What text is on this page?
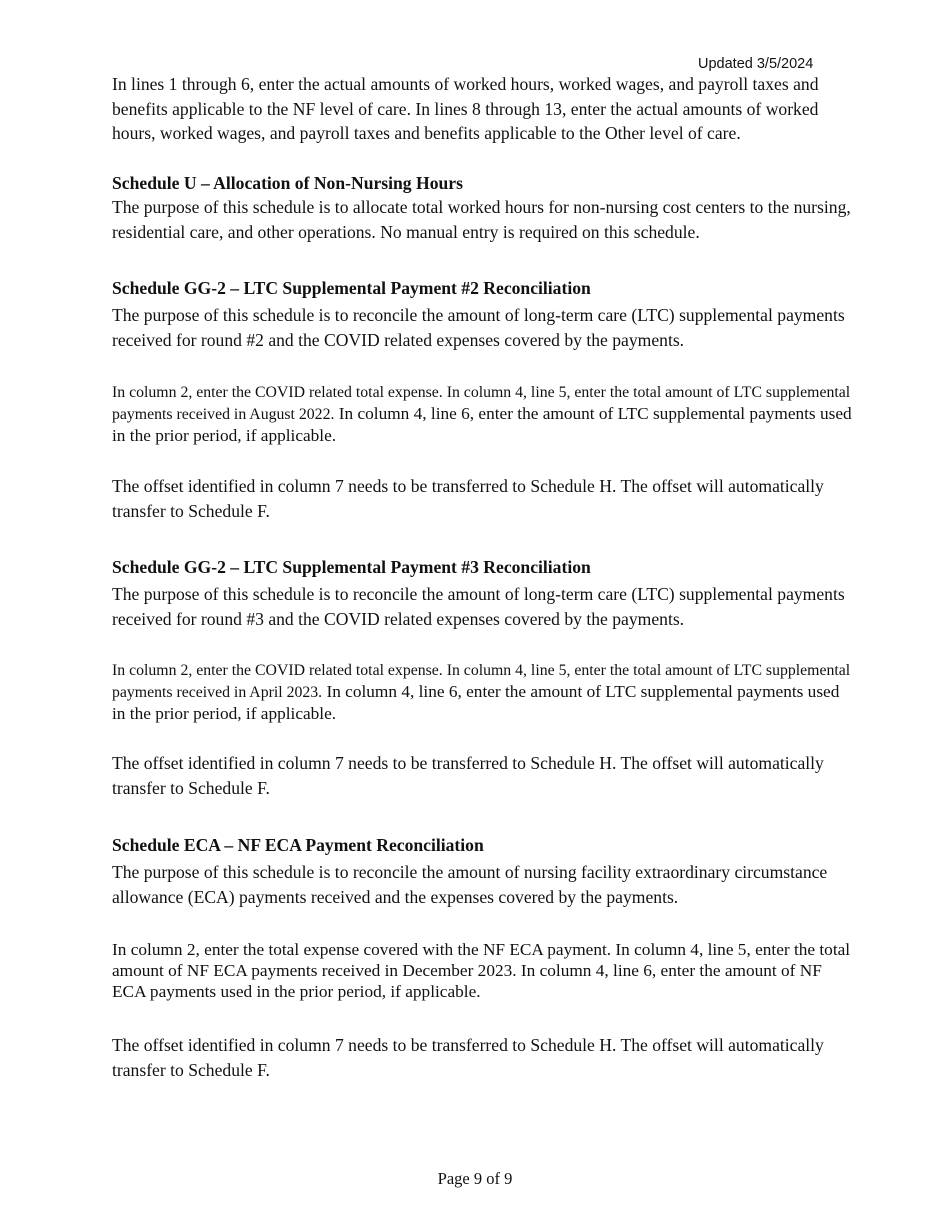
Updated 3/5/2024

In lines 1 through 6, enter the actual amounts of worked hours, worked wages, and payroll taxes and benefits applicable to the NF level of care. In lines 8 through 13, enter the actual amounts of worked hours, worked wages, and payroll taxes and benefits applicable to the Other level of care.

Schedule U – Allocation of Non-Nursing Hours

The purpose of this schedule is to allocate total worked hours for non-nursing cost centers to the nursing, residential care, and other operations. No manual entry is required on this schedule.

Schedule GG-2 – LTC Supplemental Payment #2 Reconciliation

The purpose of this schedule is to reconcile the amount of long-term care (LTC) supplemental payments received for round #2 and the COVID related expenses covered by the payments.

In column 2, enter the COVID related total expense. In column 4, line 5, enter the total amount of LTC supplemental payments received in August 2022. In column 4, line 6, enter the amount of LTC supplemental payments used in the prior period, if applicable.

The offset identified in column 7 needs to be transferred to Schedule H. The offset will automatically transfer to Schedule F.

Schedule GG-2 – LTC Supplemental Payment #3 Reconciliation

The purpose of this schedule is to reconcile the amount of long-term care (LTC) supplemental payments received for round #3 and the COVID related expenses covered by the payments.

In column 2, enter the COVID related total expense. In column 4, line 5, enter the total amount of LTC supplemental payments received in April 2023. In column 4, line 6, enter the amount of LTC supplemental payments used in the prior period, if applicable.

The offset identified in column 7 needs to be transferred to Schedule H. The offset will automatically transfer to Schedule F.

Schedule ECA – NF ECA Payment Reconciliation

The purpose of this schedule is to reconcile the amount of nursing facility extraordinary circumstance allowance (ECA) payments received and the expenses covered by the payments.

In column 2, enter the total expense covered with the NF ECA payment. In column 4, line 5, enter the total amount of NF ECA payments received in December 2023. In column 4, line 6, enter the amount of NF ECA payments used in the prior period, if applicable.

The offset identified in column 7 needs to be transferred to Schedule H. The offset will automatically transfer to Schedule F.

Page 9 of 9
